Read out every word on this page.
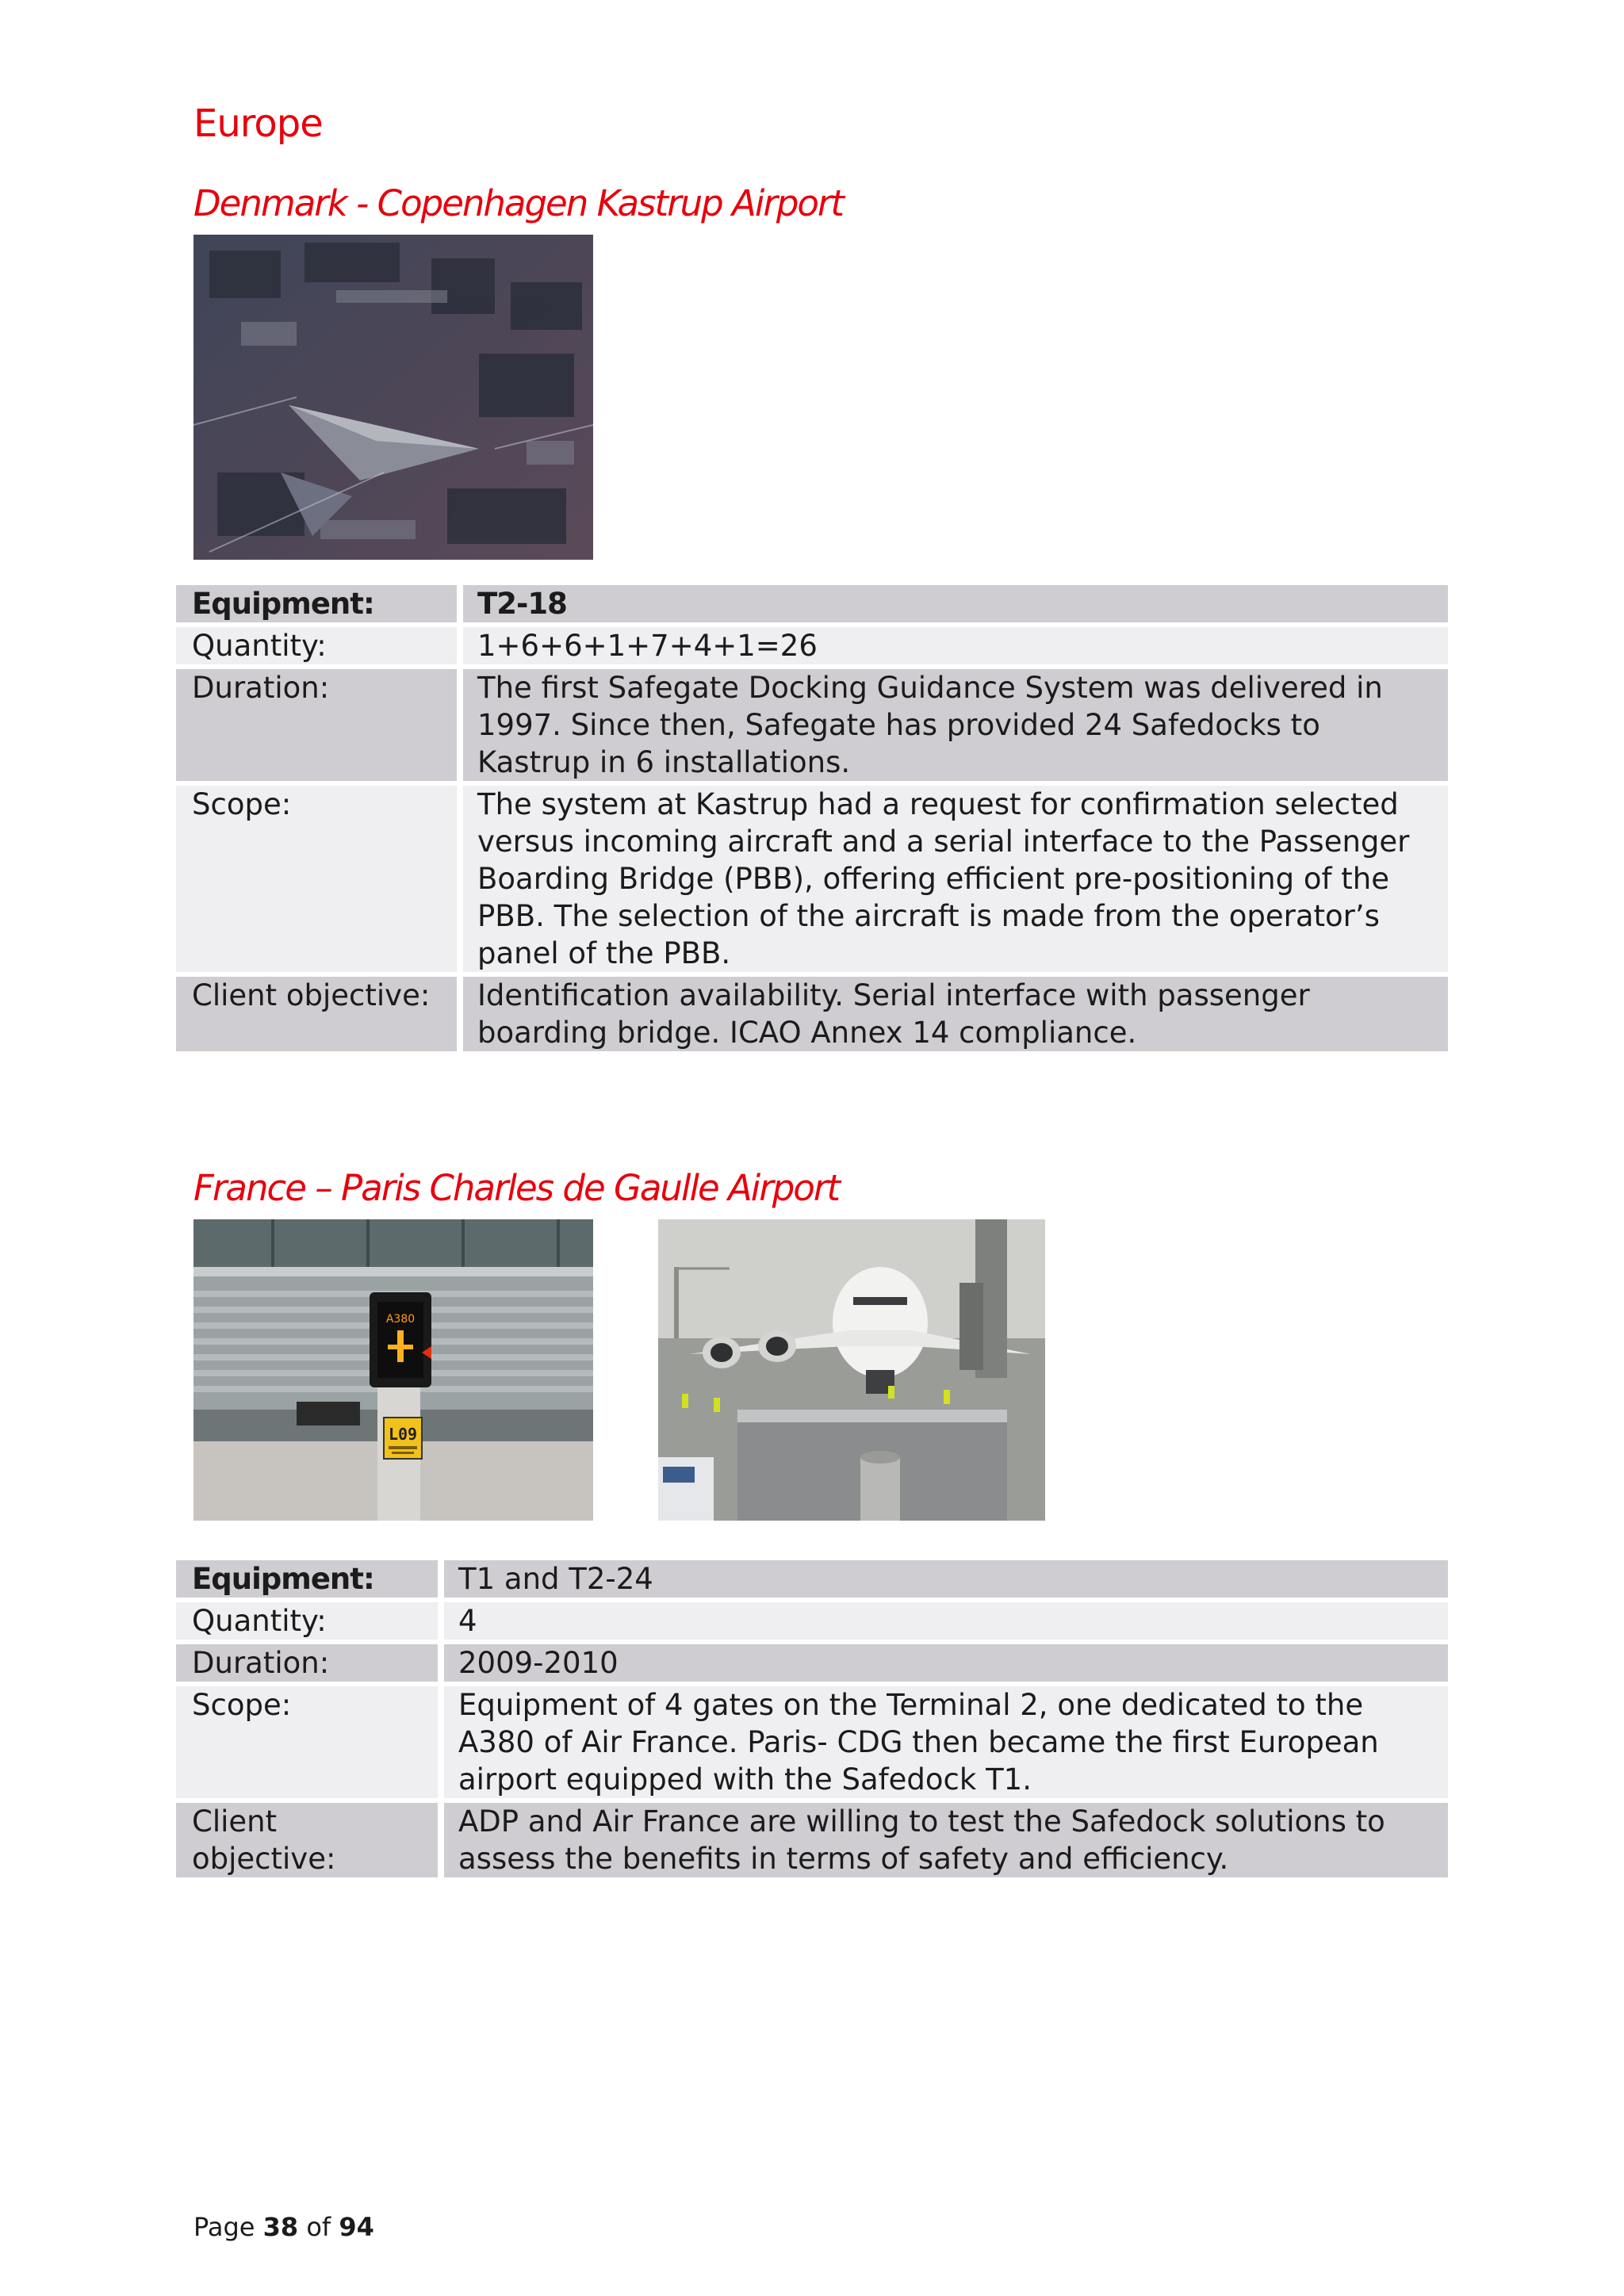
Europe
Denmark - Copenhagen Kastrup Airport
Equipment:	T2-18
Quantity:	1+6+6+1+7+4+1=26
Duration:	The first Safegate Docking Guidance System was delivered in 1997. Since then, Safegate has provided 24 Safedocks to Kastrup in 6 installations.
Scope:	The system at Kastrup had a request for confirmation selected versus incoming aircraft and a serial interface to the Passenger Boarding Bridge (PBB), offering efficient pre-positioning of the PBB. The selection of the aircraft is made from the operator’s panel of the PBB.
Client objective:	Identification availability. Serial interface with passenger boarding bridge. ICAO Annex 14 compliance.
France – Paris Charles de Gaulle Airport
A380
L09
Equipment:	T1 and T2-24
Quantity:	4
Duration:	2009-2010
Scope:	Equipment of 4 gates on the Terminal 2, one dedicated to the A380 of Air France. Paris- CDG then became the first European airport equipped with the Safedock T1.
Client objective:	ADP and Air France are willing to test the Safedock solutions to assess the benefits in terms of safety and efficiency.
Page 38 of 94
